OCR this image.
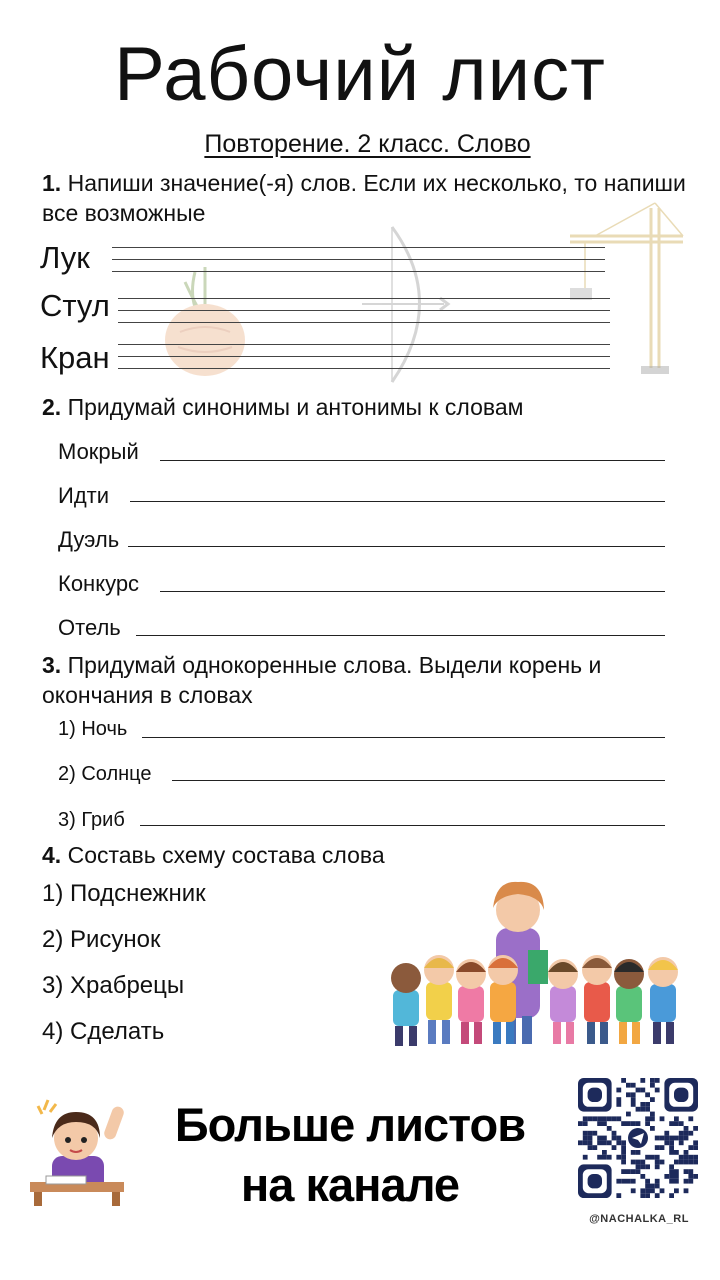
Рабочий лист
Повторение. 2 класс. Слово
1. Напиши значение(-я) слов. Если их несколько, то напиши все возможные
Лук
Стул
Кран
2. Придумай синонимы и антонимы к словам
Мокрый
Идти
Дуэль
Конкурс
Отель
3. Придумай однокоренные слова. Выдели корень и окончания в словах
1) Ночь
2) Солнце
3) Гриб
4. Составь схему состава слова
1) Подснежник
2) Рисунок
3) Храбрецы
4) Сделать
Больше листов
на канале
@NACHALKA_RL
